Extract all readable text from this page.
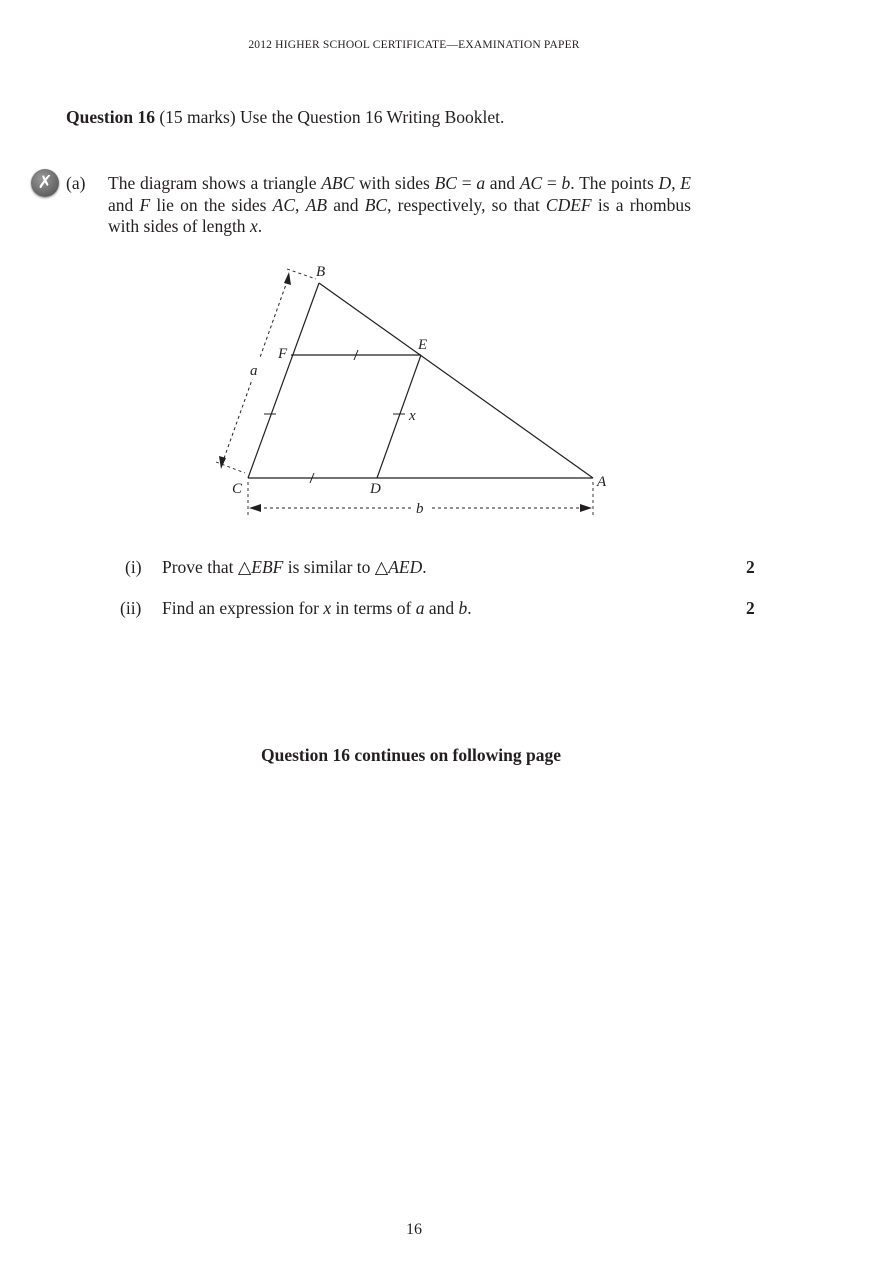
2012 HIGHER SCHOOL CERTIFICATE—EXAMINATION PAPER
Question 16 (15 marks) Use the Question 16 Writing Booklet.
✗ (a) The diagram shows a triangle ABC with sides BC = a and AC = b. The points D, E and F lie on the sides AC, AB and BC, respectively, so that CDEF is a rhombus with sides of length x.
B
E
F
a
x
C	D	A
b
(i) Prove that △EBF is similar to △AED.	2
(ii) Find an expression for x in terms of a and b.	2
Question 16 continues on following page
16
